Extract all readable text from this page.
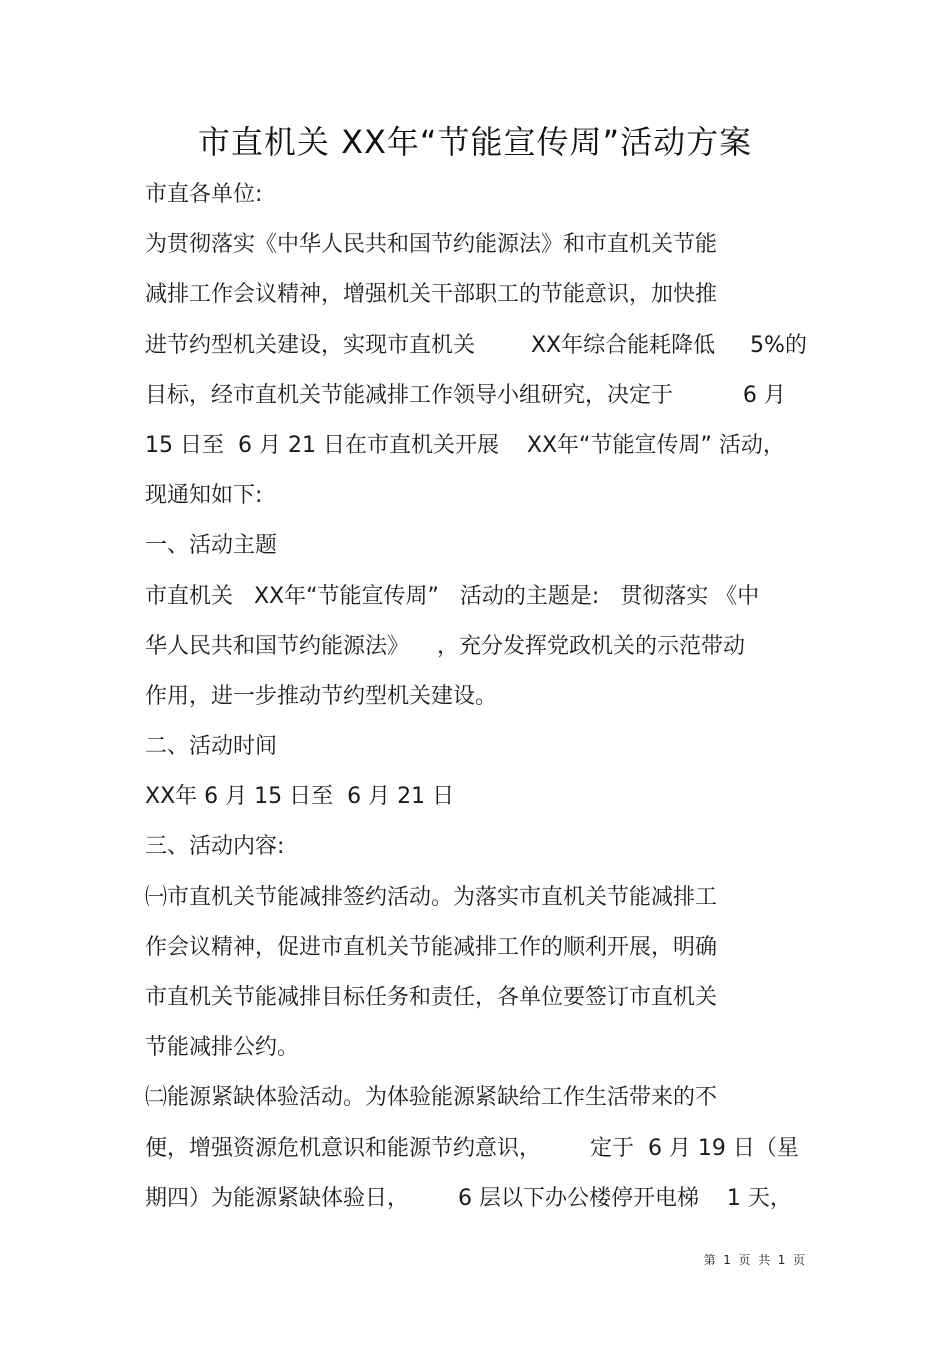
市直机关 XX年“节能宣传周”活动方案
市直各单位:
为贯彻落实《中华人民共和国节约能源法》和市直机关节能
减排工作会议精神，增强机关干部职工的节能意识，加快推
进节约型机关建设，实现市直机关        XX年综合能耗降低     5%的
目标，经市直机关节能减排工作领导小组研究，决定于          6 月
15 日至  6 月 21 日在市直机关开展    XX年“节能宣传周” 活动，
现通知如下:
一、活动主题
市直机关   XX年“节能宣传周”   活动的主题是:   贯彻落实 《中
华人民共和国节约能源法》    ，充分发挥党政机关的示范带动
作用，进一步推动节约型机关建设。
二、活动时间
XX年 6 月 15 日至  6 月 21 日
三、活动内容:
㈠市直机关节能减排签约活动。为落实市直机关节能减排工
作会议精神，促进市直机关节能减排工作的顺利开展，明确
市直机关节能减排目标任务和责任，各单位要签订市直机关
节能减排公约。
㈡能源紧缺体验活动。为体验能源紧缺给工作生活带来的不
便，增强资源危机意识和能源节约意识，       定于  6 月 19 日（星
期四）为能源紧缺体验日，       6 层以下办公楼停开电梯    1 天，
第  1  页  共  1  页
